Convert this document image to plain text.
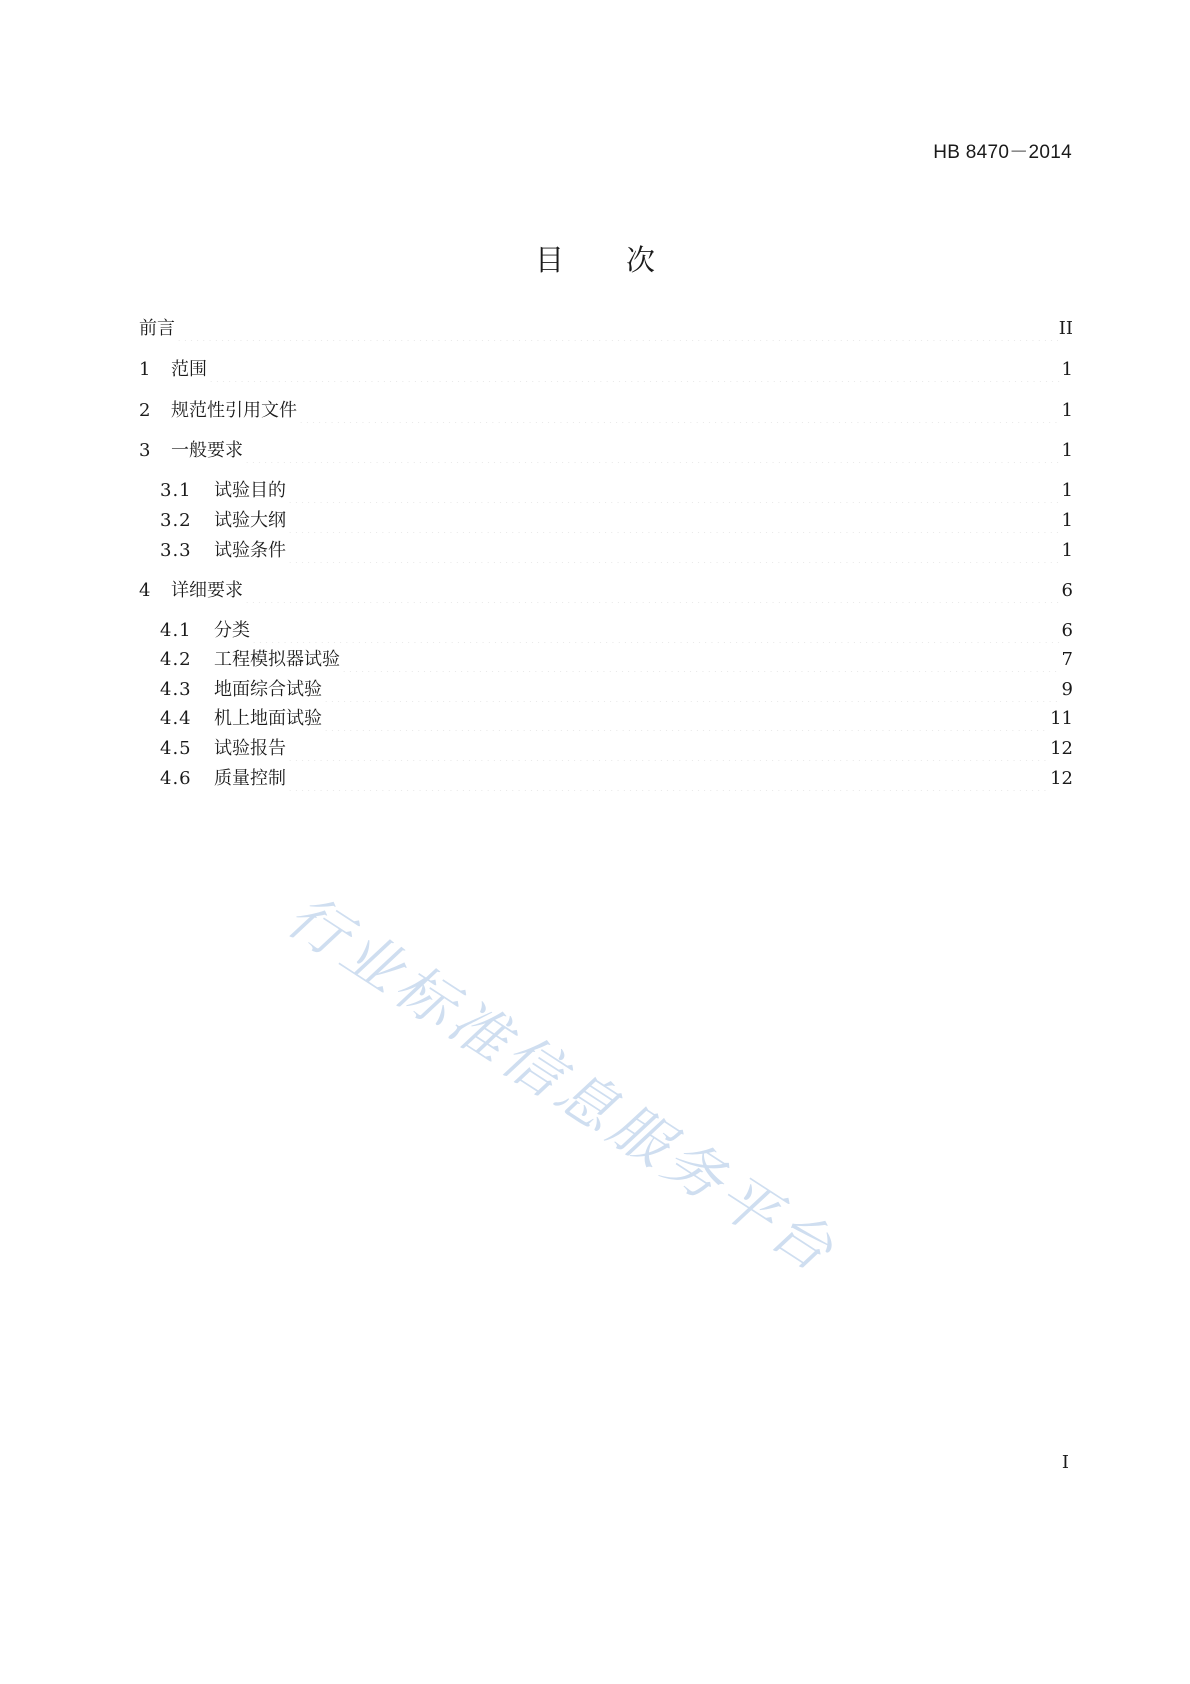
HB 8470－2014
目次
前言	II
1	范围	1
2	规范性引用文件	1
3	一般要求	1
3.1	试验目的	1
3.2	试验大纲	1
3.3	试验条件	1
4	详细要求	6
4.1	分类	6
4.2	工程模拟器试验	7
4.3	地面综合试验	9
4.4	机上地面试验	11
4.5	试验报告	12
4.6	质量控制	12
行业标准信息服务平台
I
